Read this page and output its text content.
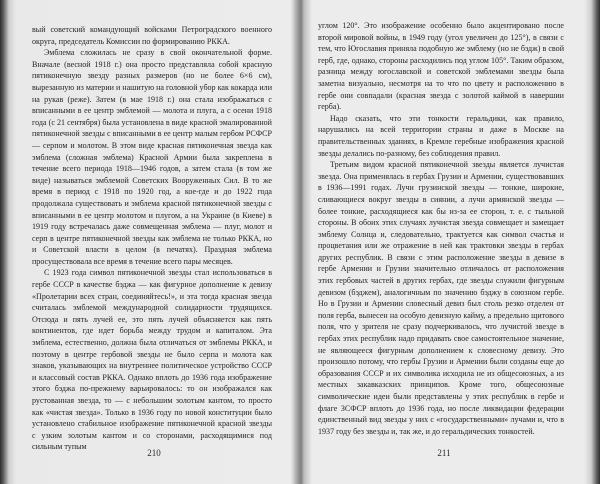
вый советский командующий войсками Петроградского военного округа, председатель Комиссии по формированию РККА.

Эмблема сложилась не сразу в свой окончательной форме. Вначале (весной 1918 г.) она просто представляла собой красную пятиконечную звезду разных размеров (но не более 6×6 см), вырезанную из материи и нашитую на головной убор как кокарда или на рукав (реже). Затем (в мае 1918 г.) она стала изображаться с вписанными в ее центр эмблемой — молота и плуга, а с осени 1918 года (с 21 сентября) была установлена в виде красной эмалированной пятиконечной звезды с вписанными в ее центр малым гербом РСФСР — серпом и молотом. В этом виде красная пятиконечная звезда как эмблема (сложная эмблема) Красной Армии была закреплена в течение всего периода 1918—1946 годов, а затем стала (в том же виде) называться эмблемой Советских Вооруженных Сил. В то же время в период с 1918 по 1920 год, а кое-где и до 1922 года продолжала существовать и эмблема красной пятиконечной звезды с вписанными в ее центр молотом и плугом, а на Украине (в Киеве) в 1919 году встречалась даже совмещенная эмблема — плуг, молот и серп в центре пятиконечной звезды как эмблема не только РККА, но и Советской власти в целом (в печатях). Праздная эмблема просуществовала все время в течение всего пары месяцев.

С 1923 года символ пятиконечной звезды стал использоваться в гербе СССР в качестве бэджа — как фигурное дополнение к девизу «Пролетарии всех стран, соединяйтесь!», и эта тогда красная звезда считалась эмблемой международной солидарности трудящихся. Отсюда и пять лучей ее, это пять лучей объясняется как пять континентов, где идет борьба между трудом и капиталом. Эта эмблема, естественно, должна была отличаться от эмблемы РККА, и поэтому в центре гербовой звезды не было серпа и молота как знаков, указывающих на внутреннее политическое устройство СССР и классовый состав РККА. Однако вплоть до 1936 года изображение этого бэджа по-прежнему варьировалось: то он изображался как рустованная звезда, то — с небольшим золотым кантом, то просто как «чистая звезда». Только в 1936 году по новой конституции было установлено стабильное изображение пятиконечной красной звезды с узким золотым кантом и со сторонами, расходящимися под сильным тупым

210

углом 120°. Это изображение особенно было акцентировано после второй мировой войны, в 1949 году (угол увеличен до 125°), в связи с тем, что Югославия приняла подобную же эмблему (но не бэдж) в свой герб, где, однако, стороны расходились под углом 105°. Таким образом, разница между югославской и советской эмблемами звезды была заметна визуально, несмотря на то что по цвету и расположению в гербе они совпадали (красная звезда с золотой каймой в навершии герба).

Надо сказать, что эти тонкости геральдики, как правило, нарушались на всей территории страны и даже в Москве на правительственных зданиях, в Кремле геребные изображения красной звезды делались по-разному, без соблюдения правил.

Третьим видом красной пятиконечной звезды является лучистая звезда. Она применялась в гербах Грузии и Армении, существовавших в 1936—1991 годах. Лучи грузинской звезды — тонкие, широкие, сливающиеся вокруг звезды в сиянии, а лучи армянской звезды — более тонкие, расходящиеся как бы из-за ее сторон, т. е. с тыльной стороны. В обоих этих случаях лучистая звезда совмещает и замещает эмблему Солнца и, следовательно, трактуется как символ счастья и процветания или же отражение в ней как трактовки звезды в гербах других республик. В связи с этим расположение звезды в девизе в гербе Армении и Грузии значительно отличалось от расположения этих гербовых частей в других гербах, где звезды служили фигурным девизом (бэджем), аналогичным по значению бэджу в союзном гербе. Но в Грузии и Армении словесный девиз был столь резко отделен от поля герба, вынесен на особую девизную кайму, а предельно щитового поля, что у зрителя не сразу подчеркивалось, что лучистой звезде в гербах этих республик надо придавать свое самостоятельное значение, не являющееся фигурным дополнением к словесному девизу. Это произошло потому, что гербы Грузии и Армении были созданы еще до образования СССР и их символика исходила не из общесоюзных, а из местных закавказских принципов. Кроме того, общесоюзные символические идеи были представлены у этих республик в гербе и флаге ЗСФСР вплоть до 1936 года, но после ликвидации федерации единственный вид звезды у них с «государственными» лучами и, что в 1937 году без звезды и, так же, и до геральдических тонкостей.

211
